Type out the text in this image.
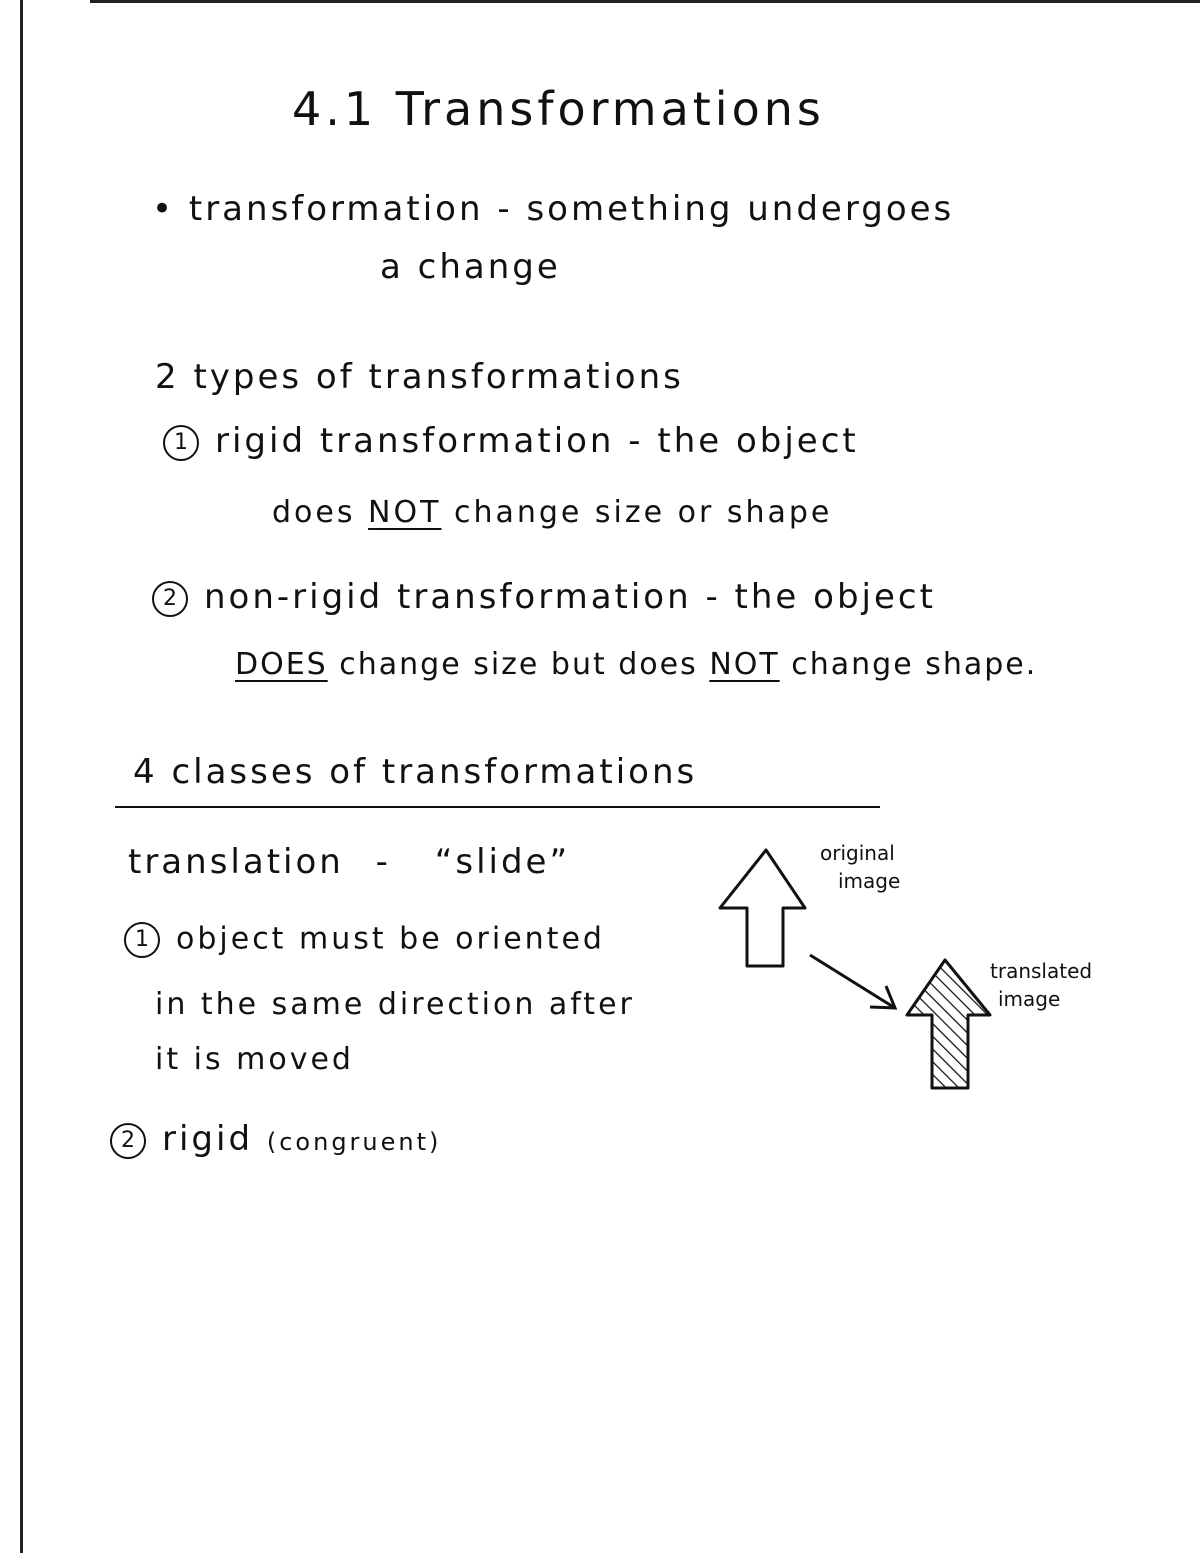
4.1 Transformations
• transformation - something undergoes
a change
2 types of transformations
1 rigid transformation - the object
does NOT change size or shape
2 non-rigid transformation - the object
DOES change size but does NOT change shape.
4 classes of transformations
translation - “slide”
1 object must be oriented
in the same direction after
it is moved
2 rigid (congruent)
original
image
translated
image
